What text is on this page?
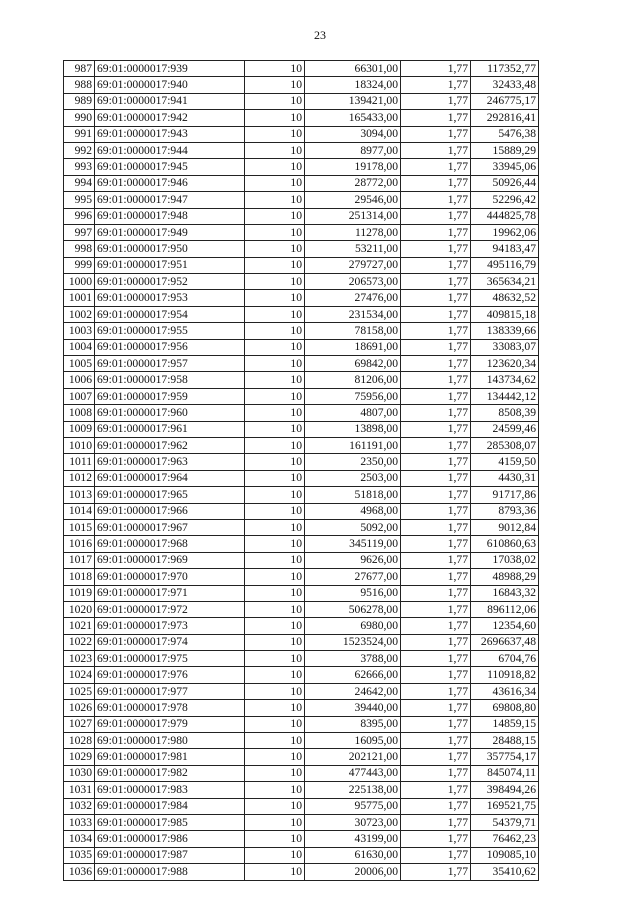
23
987	69:01:0000017:939	10	66301,00	1,77	117352,77
988	69:01:0000017:940	10	18324,00	1,77	32433,48
989	69:01:0000017:941	10	139421,00	1,77	246775,17
990	69:01:0000017:942	10	165433,00	1,77	292816,41
991	69:01:0000017:943	10	3094,00	1,77	5476,38
992	69:01:0000017:944	10	8977,00	1,77	15889,29
993	69:01:0000017:945	10	19178,00	1,77	33945,06
994	69:01:0000017:946	10	28772,00	1,77	50926,44
995	69:01:0000017:947	10	29546,00	1,77	52296,42
996	69:01:0000017:948	10	251314,00	1,77	444825,78
997	69:01:0000017:949	10	11278,00	1,77	19962,06
998	69:01:0000017:950	10	53211,00	1,77	94183,47
999	69:01:0000017:951	10	279727,00	1,77	495116,79
1000	69:01:0000017:952	10	206573,00	1,77	365634,21
1001	69:01:0000017:953	10	27476,00	1,77	48632,52
1002	69:01:0000017:954	10	231534,00	1,77	409815,18
1003	69:01:0000017:955	10	78158,00	1,77	138339,66
1004	69:01:0000017:956	10	18691,00	1,77	33083,07
1005	69:01:0000017:957	10	69842,00	1,77	123620,34
1006	69:01:0000017:958	10	81206,00	1,77	143734,62
1007	69:01:0000017:959	10	75956,00	1,77	134442,12
1008	69:01:0000017:960	10	4807,00	1,77	8508,39
1009	69:01:0000017:961	10	13898,00	1,77	24599,46
1010	69:01:0000017:962	10	161191,00	1,77	285308,07
1011	69:01:0000017:963	10	2350,00	1,77	4159,50
1012	69:01:0000017:964	10	2503,00	1,77	4430,31
1013	69:01:0000017:965	10	51818,00	1,77	91717,86
1014	69:01:0000017:966	10	4968,00	1,77	8793,36
1015	69:01:0000017:967	10	5092,00	1,77	9012,84
1016	69:01:0000017:968	10	345119,00	1,77	610860,63
1017	69:01:0000017:969	10	9626,00	1,77	17038,02
1018	69:01:0000017:970	10	27677,00	1,77	48988,29
1019	69:01:0000017:971	10	9516,00	1,77	16843,32
1020	69:01:0000017:972	10	506278,00	1,77	896112,06
1021	69:01:0000017:973	10	6980,00	1,77	12354,60
1022	69:01:0000017:974	10	1523524,00	1,77	2696637,48
1023	69:01:0000017:975	10	3788,00	1,77	6704,76
1024	69:01:0000017:976	10	62666,00	1,77	110918,82
1025	69:01:0000017:977	10	24642,00	1,77	43616,34
1026	69:01:0000017:978	10	39440,00	1,77	69808,80
1027	69:01:0000017:979	10	8395,00	1,77	14859,15
1028	69:01:0000017:980	10	16095,00	1,77	28488,15
1029	69:01:0000017:981	10	202121,00	1,77	357754,17
1030	69:01:0000017:982	10	477443,00	1,77	845074,11
1031	69:01:0000017:983	10	225138,00	1,77	398494,26
1032	69:01:0000017:984	10	95775,00	1,77	169521,75
1033	69:01:0000017:985	10	30723,00	1,77	54379,71
1034	69:01:0000017:986	10	43199,00	1,77	76462,23
1035	69:01:0000017:987	10	61630,00	1,77	109085,10
1036	69:01:0000017:988	10	20006,00	1,77	35410,62
